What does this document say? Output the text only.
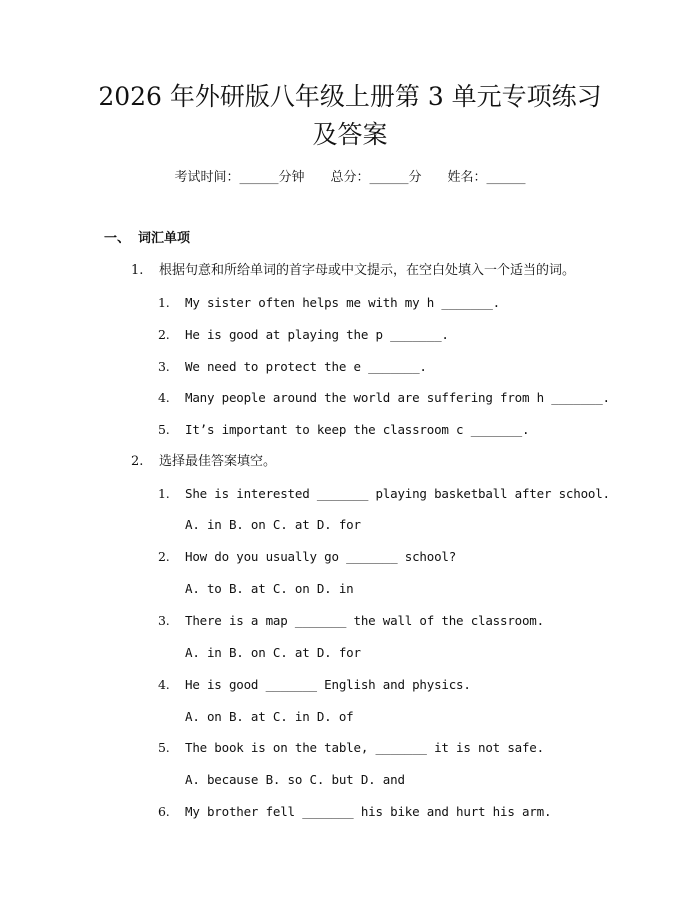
2026 年外研版八年级上册第 3 单元专项练习
及答案
考试时间：______分钟 总分：______分 姓名：______
一、 词汇单项
1. 根据句意和所给单词的首字母或中文提示，在空白处填入一个适当的词。
1. My sister often helps me with my h _______.
2. He is good at playing the p _______.
3. We need to protect the e _______.
4. Many people around the world are suffering from h _______.
5. It’s important to keep the classroom c _______.
2. 选择最佳答案填空。
1. She is interested _______ playing basketball after school.
A. in B. on C. at D. for
2. How do you usually go _______ school?
A. to B. at C. on D. in
3. There is a map _______ the wall of the classroom.
A. in B. on C. at D. for
4. He is good _______ English and physics.
A. on B. at C. in D. of
5. The book is on the table, _______ it is not safe.
A. because B. so C. but D. and
6. My brother fell _______ his bike and hurt his arm.
